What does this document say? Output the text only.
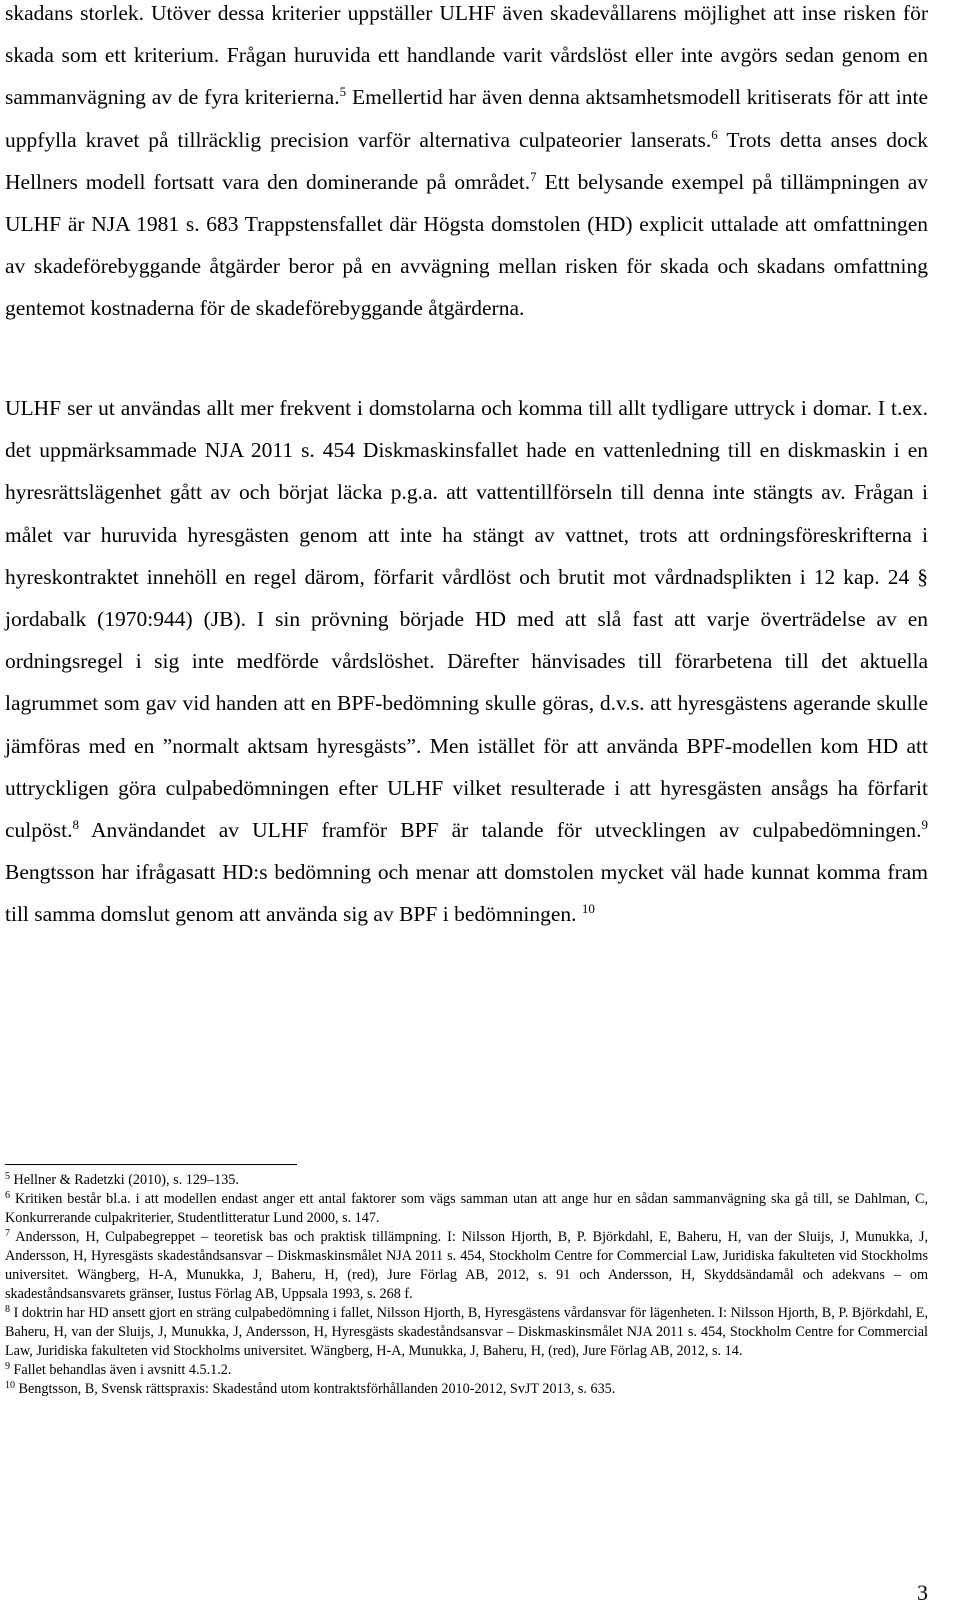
skadans storlek. Utöver dessa kriterier uppställer ULHF även skadevållarens möjlighet att inse risken för skada som ett kriterium. Frågan huruvida ett handlande varit vårdslöst eller inte avgörs sedan genom en sammanvägning av de fyra kriterierna.$^5$ Emellertid har även denna aktsamhetsmodell kritiserats för att inte uppfylla kravet på tillräcklig precision varför alternativa culpateorier lanserats.$^6$ Trots detta anses dock Hellners modell fortsatt vara den dominerande på området.$^7$ Ett belysande exempel på tillämpningen av ULHF är NJA 1981 s. 683 Trappstensfallet där Högsta domstolen (HD) explicit uttalade att omfattningen av skadeförebyggande åtgärder beror på en avvägning mellan risken för skada och skadans omfattning gentemot kostnaderna för de skadeförebyggande åtgärderna.

ULHF ser ut användas allt mer frekvent i domstolarna och komma till allt tydligare uttryck i domar. I t.ex. det uppmärksammade NJA 2011 s. 454 Diskmaskinsfallet hade en vattenledning till en diskmaskin i en hyresrättslägenhet gått av och börjat läcka p.g.a. att vattentillförseln till denna inte stängts av. Frågan i målet var huruvida hyresgästen genom att inte ha stängt av vattnet, trots att ordningsföreskrifterna i hyreskontraktet innehöll en regel därom, förfarit vårdlöst och brutit mot vårdnadsplikten i 12 kap. 24 § jordabalk (1970:944) (JB). I sin prövning började HD med att slå fast att varje överträdelse av en ordningsregel i sig inte medförde vårdslöshet. Därefter hänvisades till förarbetena till det aktuella lagrummet som gav vid handen att en BPF-bedömning skulle göras, d.v.s. att hyresgästens agerande skulle jämföras med en ”normalt aktsam hyresgästs”. Men istället för att använda BPF-modellen kom HD att uttryckligen göra culpabedömningen efter ULHF vilket resulterade i att hyresgästen ansågs ha förfarit culpöst.$^8$ Användandet av ULHF framför BPF är talande för utvecklingen av culpabedömningen.$^9$ Bengtsson har ifrågasatt HD:s bedömning och menar att domstolen mycket väl hade kunnat komma fram till samma domslut genom att använda sig av BPF i bedömningen. $^{10}$

$^5$ Hellner & Radetzki (2010), s. 129–135.

$^6$ Kritiken består bl.a. i att modellen endast anger ett antal faktorer som vägs samman utan att ange hur en sådan sammanvägning ska gå till, se Dahlman, C, Konkurrerande culpakriterier, Studentlitteratur Lund 2000, s. 147.

$^7$ Andersson, H, Culpabegreppet – teoretisk bas och praktisk tillämpning. I: Nilsson Hjorth, B, P. Björkdahl, E, Baheru, H, van der Sluijs, J, Munukka, J, Andersson, H, Hyresgästs skadeståndsansvar – Diskmaskinsmålet NJA 2011 s. 454, Stockholm Centre for Commercial Law, Juridiska fakulteten vid Stockholms universitet. Wängberg, H-A, Munukka, J, Baheru, H, (red), Jure Förlag AB, 2012, s. 91 och Andersson, H, Skyddsändamål och adekvans – om skadeståndsansvarets gränser, Iustus Förlag AB, Uppsala 1993, s. 268 f.

$^8$ I doktrin har HD ansett gjort en sträng culpabedömning i fallet, Nilsson Hjorth, B, Hyresgästens vårdansvar för lägenheten. I: Nilsson Hjorth, B, P. Björkdahl, E, Baheru, H, van der Sluijs, J, Munukka, J, Andersson, H, Hyresgästs skadeståndsansvar – Diskmaskinsmålet NJA 2011 s. 454, Stockholm Centre for Commercial Law, Juridiska fakulteten vid Stockholms universitet. Wängberg, H-A, Munukka, J, Baheru, H, (red), Jure Förlag AB, 2012, s. 14.

$^9$ Fallet behandlas även i avsnitt 4.5.1.2.

$^{10}$ Bengtsson, B, Svensk rättspraxis: Skadestånd utom kontraktsförhållanden 2010-2012, SvJT 2013, s. 635.

3
